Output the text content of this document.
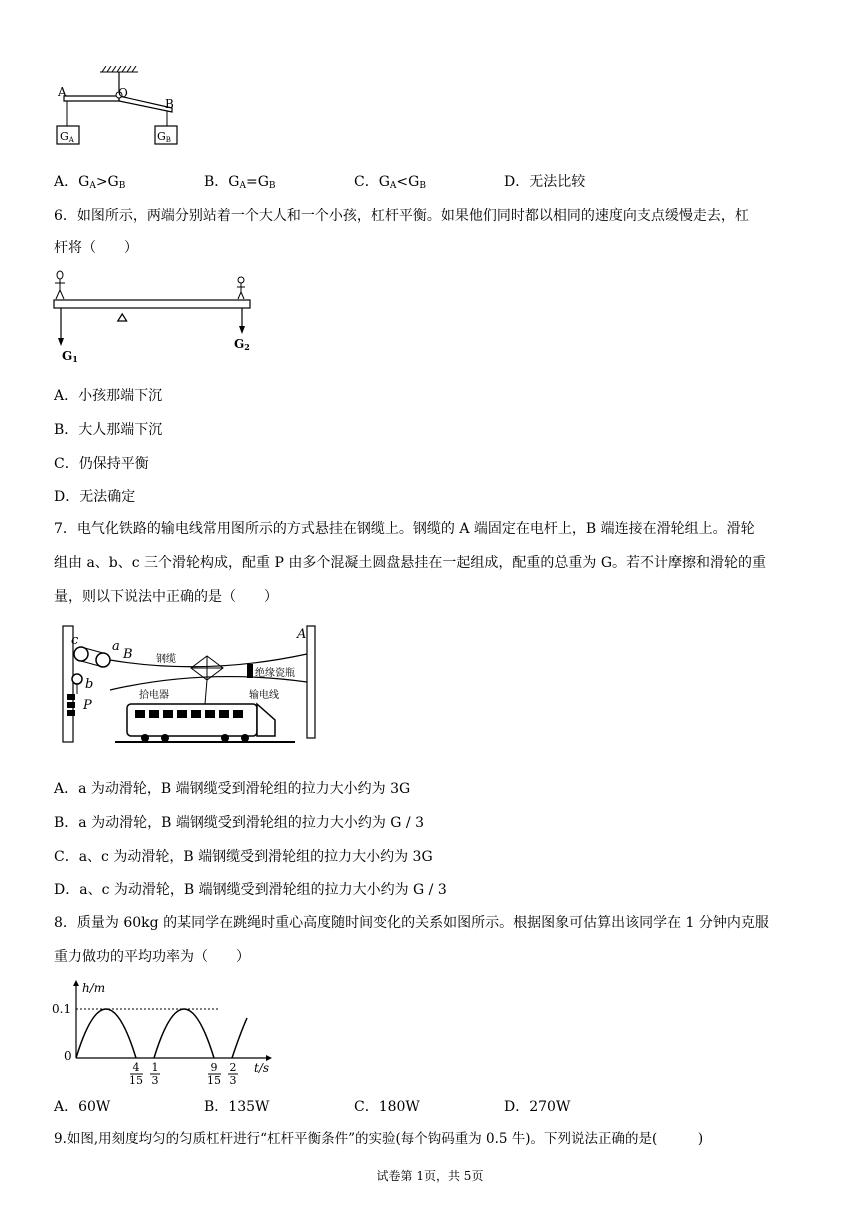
A	O
B
GA	GB
A．$G_A>G_B$	B．$G_A=G_B$	C．$G_A<G_B$	D．无法比较
6．如图所示，两端分别站着一个大人和一个小孩，杠杆平衡。如果他们同时都以相同的速度向支点缓慢走去，杠
杆将（　　）
G1
G2
A．小孩那端下沉
B．大人那端下沉
C．仍保持平衡
D．无法确定
7．电气化铁路的输电线常用图所示的方式悬挂在钢缆上。钢缆的 A 端固定在电杆上，B 端连接在滑轮组上。滑轮
组由 a、b、c 三个滑轮构成，配重 P 由多个混凝土圆盘悬挂在一起组成，配重的总重为 G。若不计摩擦和滑轮的重
量，则以下说法中正确的是（　　）
c	a
B
b
P
A
钢缆
绝缘瓷瓶
拾电器	输电线
A．a 为动滑轮，B 端钢缆受到滑轮组的拉力大小约为 3G
B．a 为动滑轮，B 端钢缆受到滑轮组的拉力大小约为 G / 3
C．a、c 为动滑轮，B 端钢缆受到滑轮组的拉力大小约为 3G
D．a、c 为动滑轮，B 端钢缆受到滑轮组的拉力大小约为 G / 3
8．质量为 60kg 的某同学在跳绳时重心高度随时间变化的关系如图所示。根据图象可估算出该同学在 1 分钟内克服
重力做功的平均功率为（　　）
h/m
0.1
0
t/s
4
15
1
3
9
15
2
3
A．60W	B．135W	C．180W	D．270W
9.如图,用刻度均匀的匀质杠杆进行“杠杆平衡条件”的实验(每个钩码重为 0.5 牛)。下列说法正确的是(　　　)
试卷第 1页，共 5页
